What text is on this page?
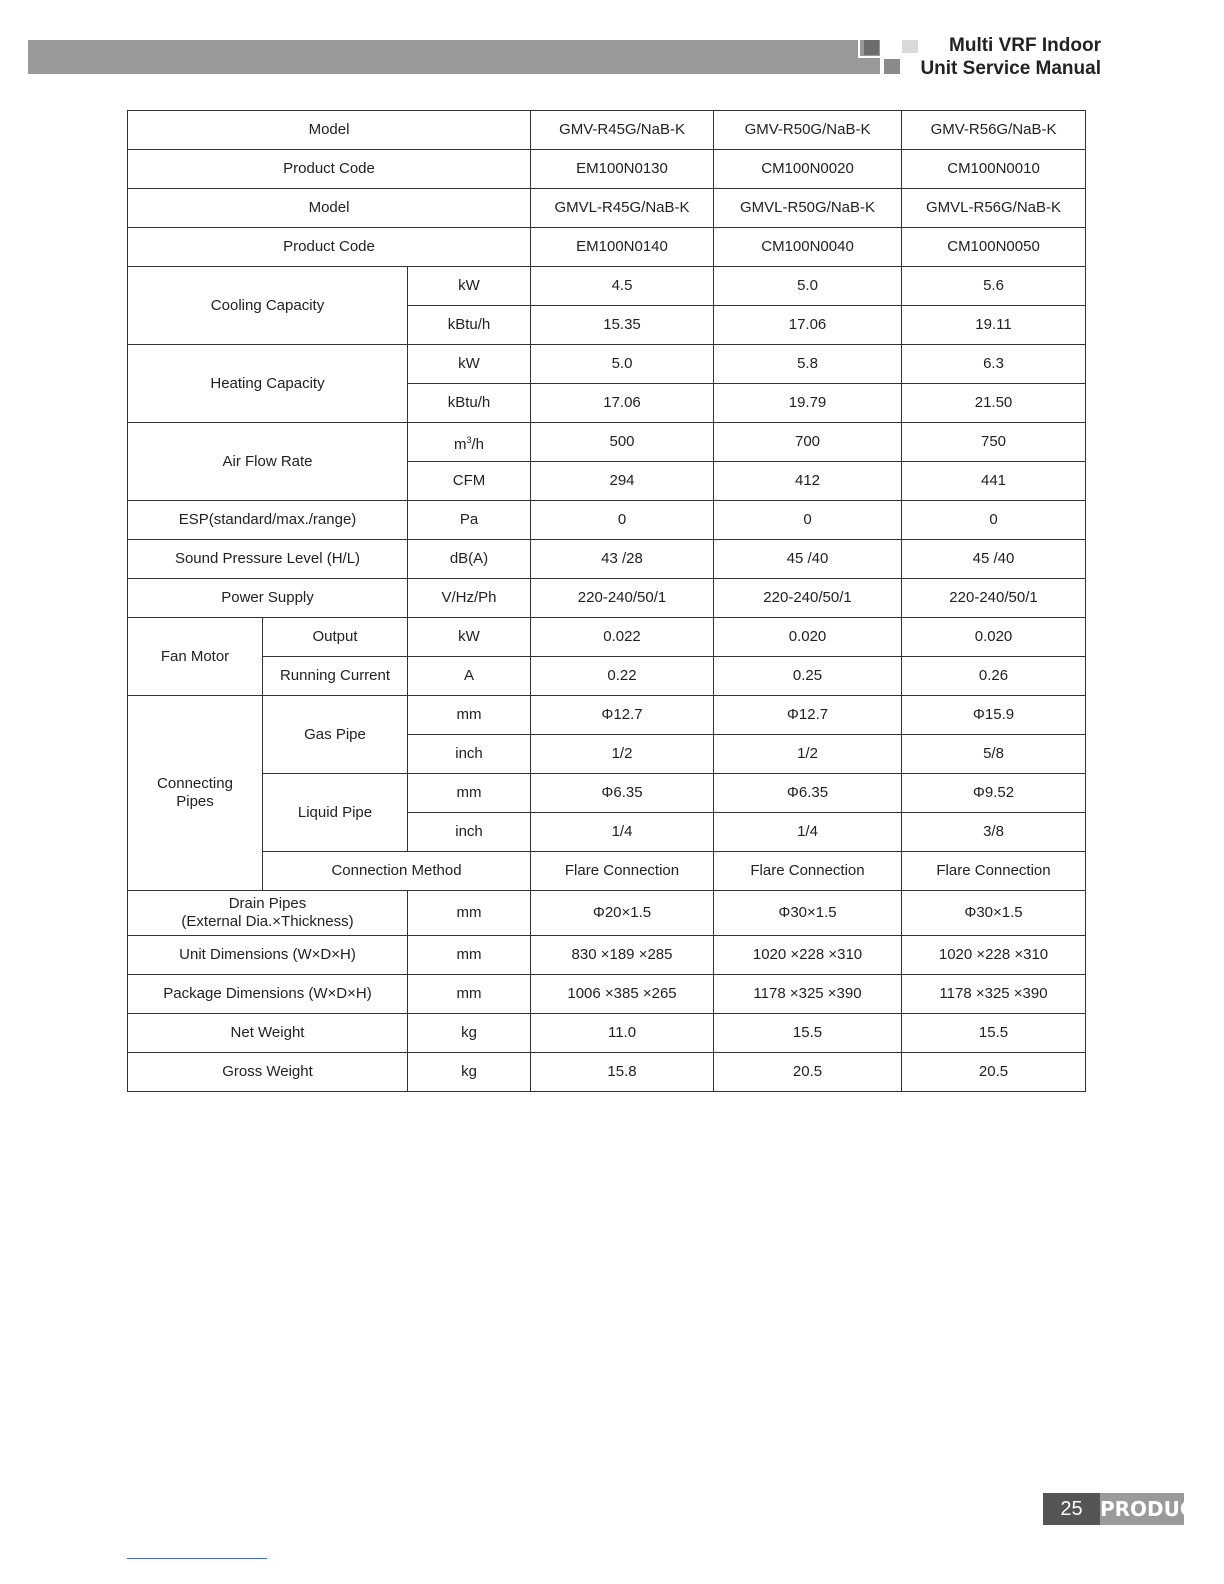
Multi VRF Indoor
Unit Service Manual
Model			GMV-R45G/NaB-K	GMV-R50G/NaB-K	GMV-R56G/NaB-K
Product Code			EM100N0130	CM100N0020	CM100N0010
Model			GMVL-R45G/NaB-K	GMVL-R50G/NaB-K	GMVL-R56G/NaB-K
Product Code			EM100N0140	CM100N0040	CM100N0050
Cooling Capacity		kW	4.5	5.0	5.6
		kBtu/h	15.35	17.06	19.11
Heating Capacity		kW	5.0	5.8	6.3
		kBtu/h	17.06	19.79	21.50
Air Flow Rate		$m^3/h$	500	700	750
		CFM	294	412	441
ESP(standard/max./range)		Pa	0	0	0
Sound Pressure Level (H/L)		dB(A)	43 /28	45 /40	45 /40
Power Supply		V/Hz/Ph	220-240/50/1	220-240/50/1	220-240/50/1
Fan Motor	Output	kW	0.022	0.020	0.020
	Running Current	A	0.22	0.25	0.26

Connecting
Pipes	Gas Pipe	mm	Φ12.7	Φ12.7	Φ15.9
		inch	1/2	1/2	5/8
	Liquid Pipe	mm	Φ6.35	Φ6.35	Φ9.52
		inch	1/4	1/4	3/8
	Connection Method		Flare Connection	Flare Connection	Flare Connection

Drain Pipes
(External Dia.×Thickness)		mm	Φ20×1.5	Φ30×1.5	Φ30×1.5
Unit Dimensions (W×D×H)		mm	830 ×189 ×285	1020 ×228 ×310	1020 ×228 ×310
Package Dimensions (W×D×H)		mm	1006 ×385 ×265	1178 ×325 ×390	1178 ×325 ×390
Net Weight		kg	11.0	15.5	15.5
Gross Weight		kg	15.8	20.5	20.5
25 PRODUCT
